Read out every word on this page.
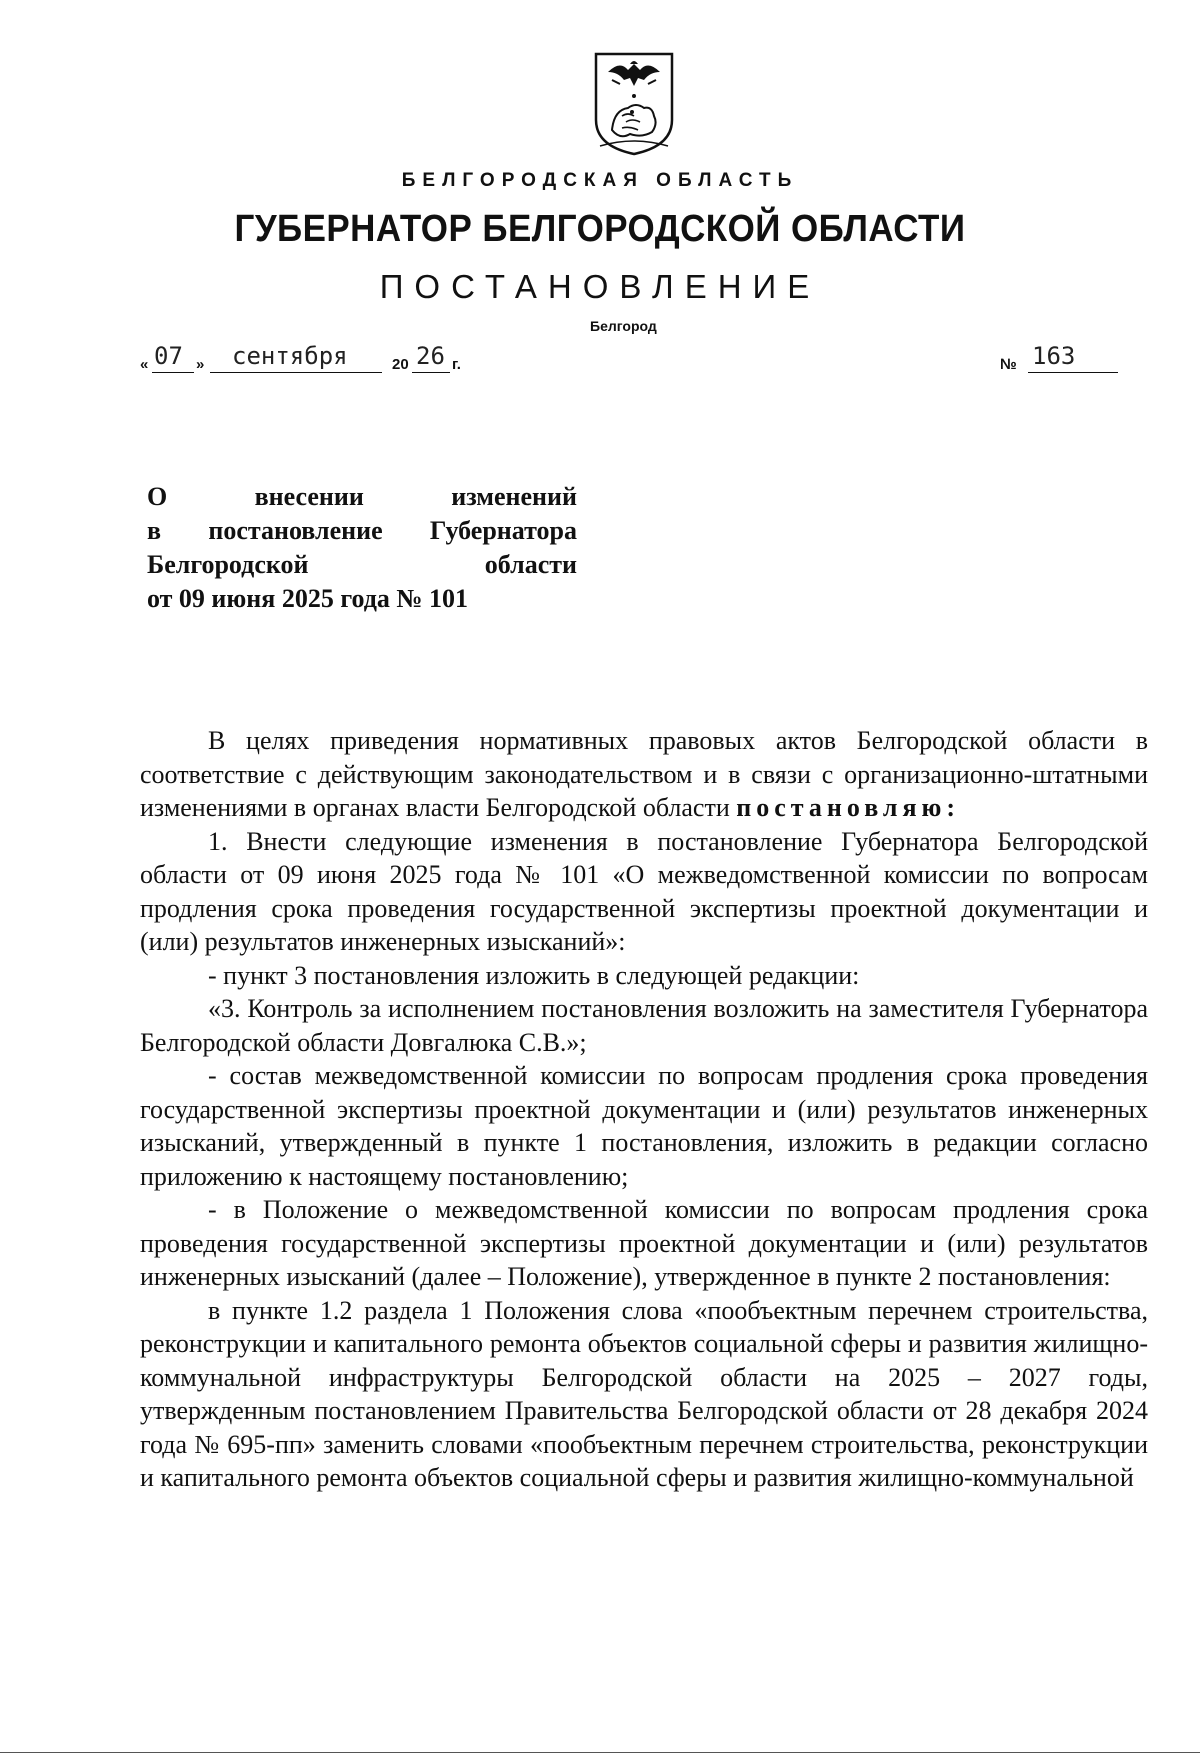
БЕЛГОРОДСКАЯ ОБЛАСТЬ
ГУБЕРНАТОР БЕЛГОРОДСКОЙ ОБЛАСТИ
ПОСТАНОВЛЕНИЕ
Белгород
« 07 » сентября	20 26 г.	№ 163
О внесении изменений
в постановление Губернатора
Белгородской области
от 09 июня 2025 года № 101

В целях приведения нормативных правовых актов Белгородской области в соответствие с действующим законодательством и в связи с организационно-штатными изменениями в органах власти Белгородской области постановляю:

1. Внести следующие изменения в постановление Губернатора Белгородской области от 09 июня 2025 года № 101 «О межведомственной комиссии по вопросам продления срока проведения государственной экспертизы проектной документации и (или) результатов инженерных изысканий»:

- пункт 3 постановления изложить в следующей редакции:

«3. Контроль за исполнением постановления возложить на заместителя Губернатора Белгородской области Довгалюка С.В.»;

- состав межведомственной комиссии по вопросам продления срока проведения государственной экспертизы проектной документации и (или) результатов инженерных изысканий, утвержденный в пункте 1 постановления, изложить в редакции согласно приложению к настоящему постановлению;

- в Положение о межведомственной комиссии по вопросам продления срока проведения государственной экспертизы проектной документации и (или) результатов инженерных изысканий (далее – Положение), утвержденное в пункте 2 постановления:

в пункте 1.2 раздела 1 Положения слова «пообъектным перечнем строительства, реконструкции и капитального ремонта объектов социальной сферы и развития жилищно-коммунальной инфраструктуры Белгородской области на 2025 – 2027 годы, утвержденным постановлением Правительства Белгородской области от 28 декабря 2024 года № 695-пп» заменить словами «пообъектным перечнем строительства, реконструкции и капитального ремонта объектов социальной сферы и развития жилищно-коммунальной
